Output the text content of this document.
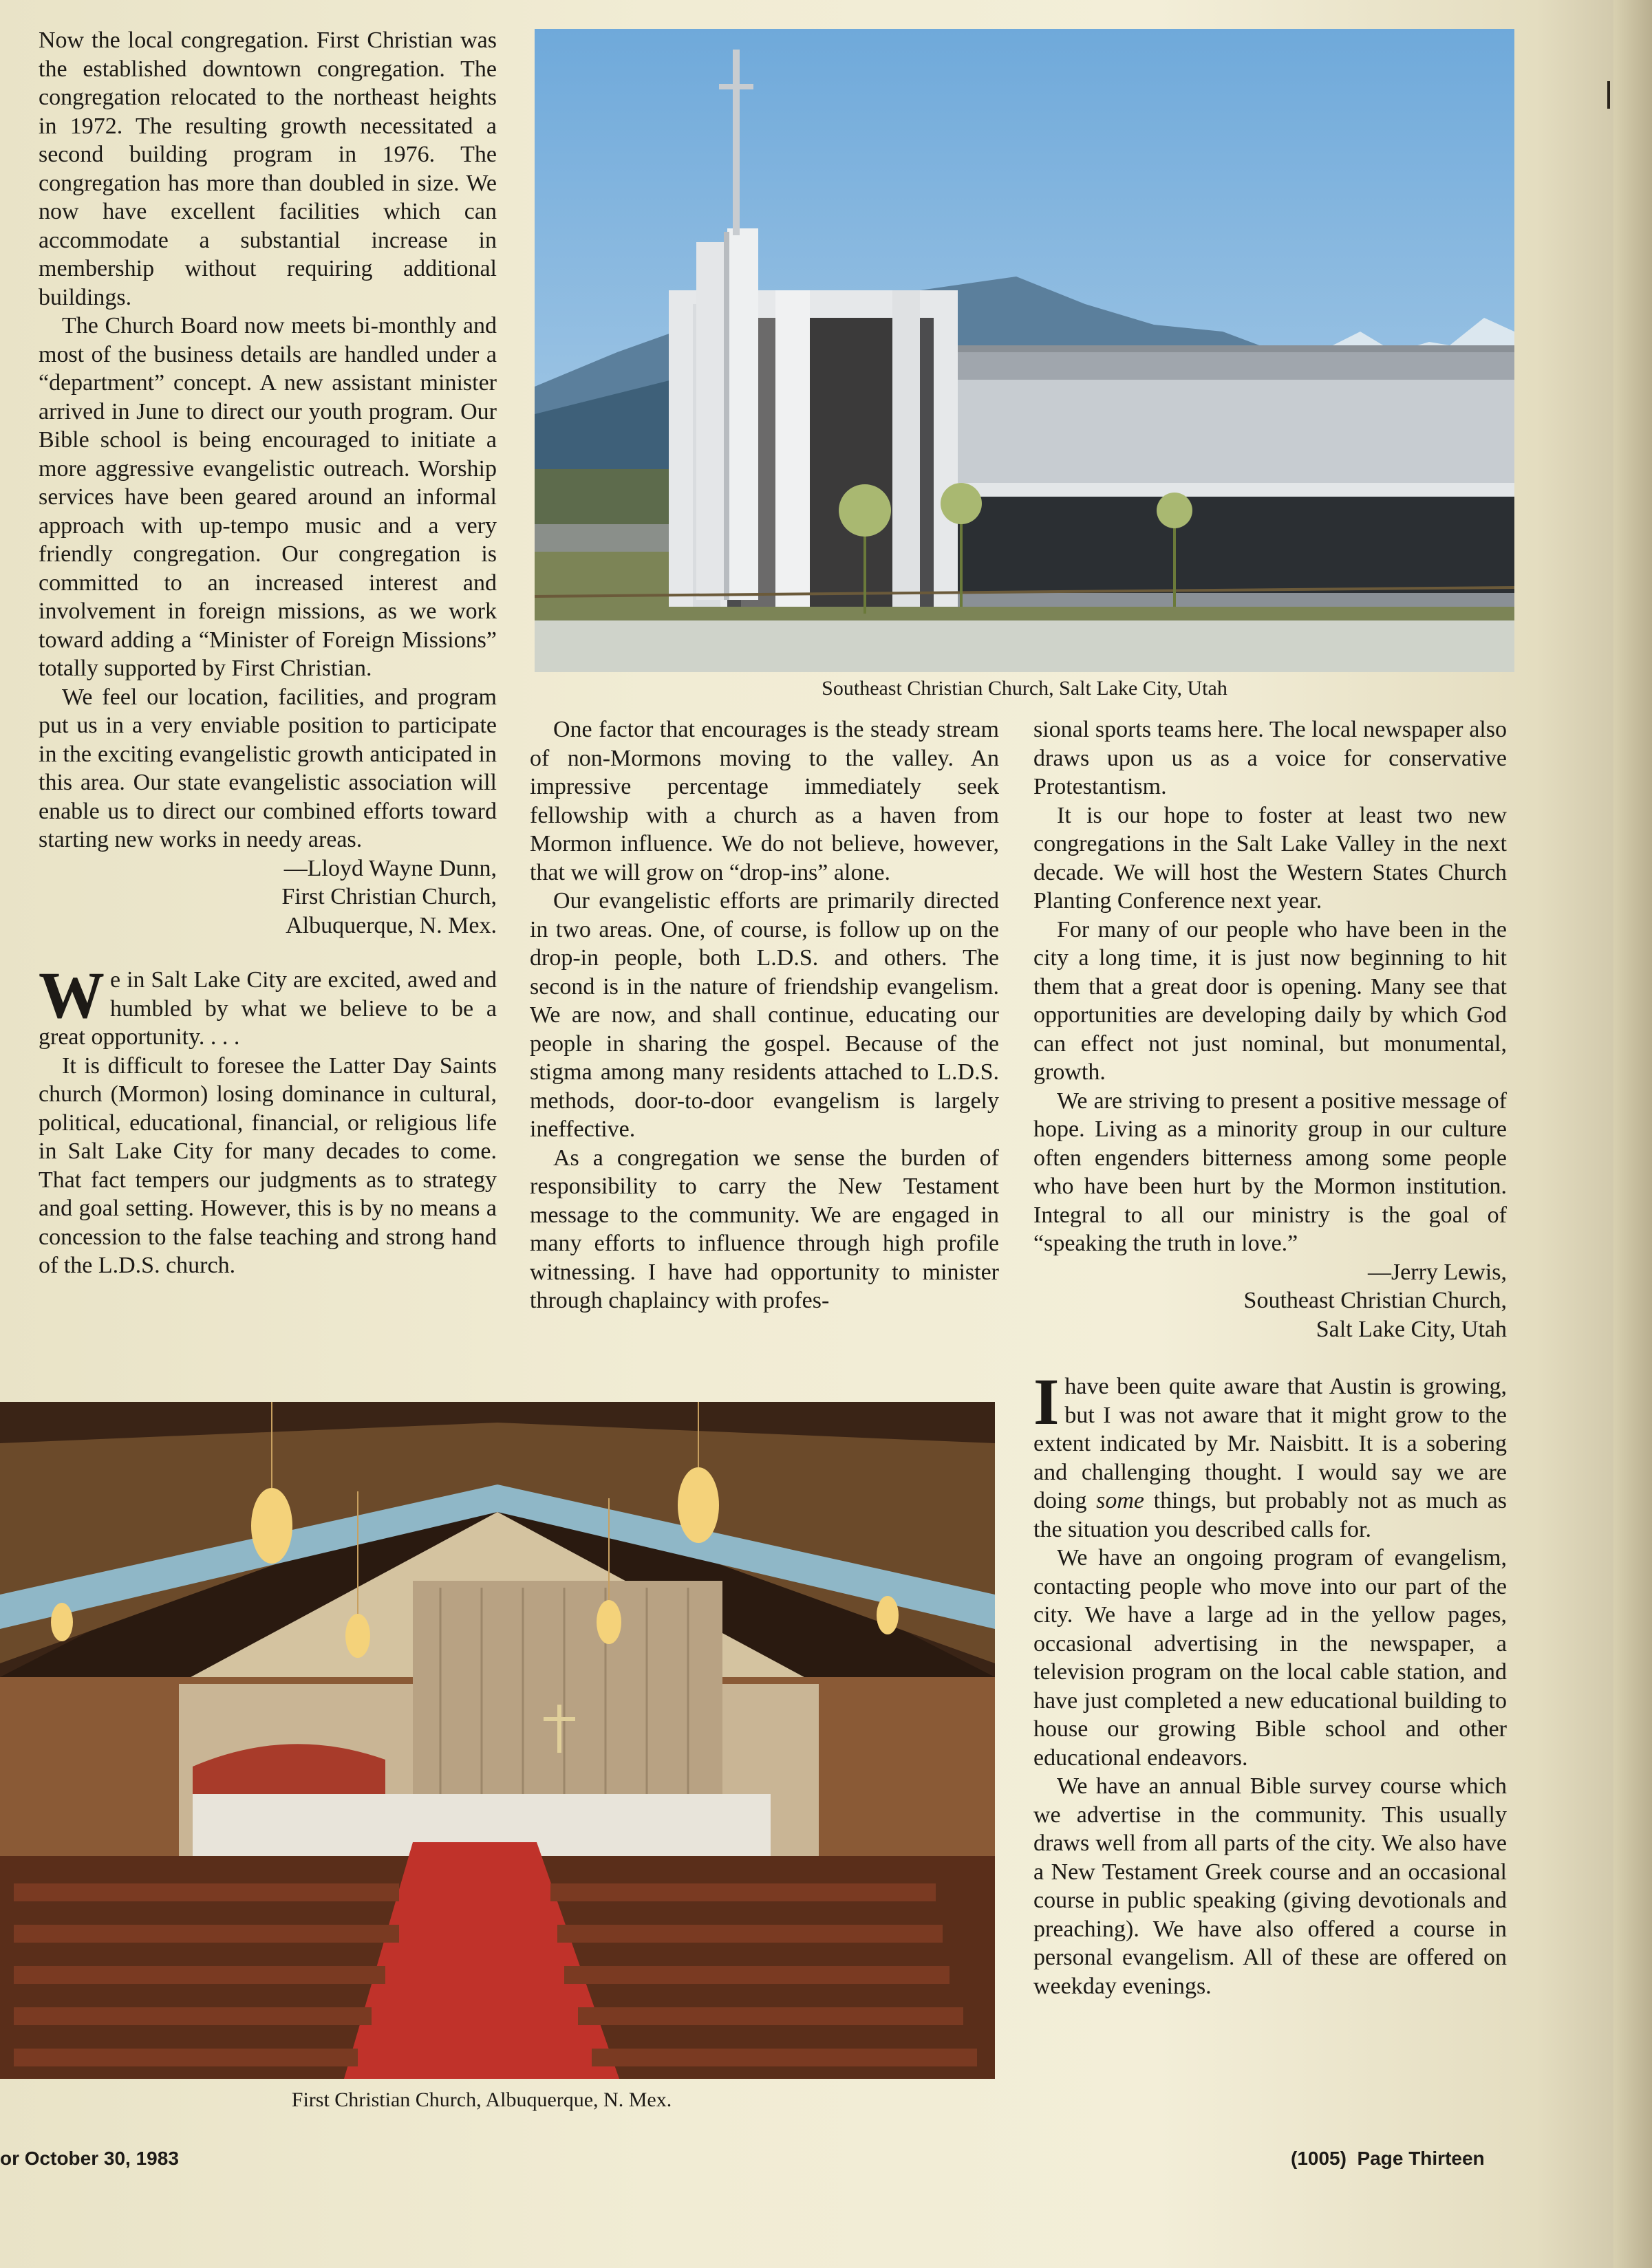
Now the local congregation. First Christian was the established downtown congregation. The congregation relocated to the northeast heights in 1972. The resulting growth necessitated a second building program in 1976. The congregation has more than doubled in size. We now have excellent facilities which can accommodate a substantial increase in membership without requiring additional buildings.

The Church Board now meets bi-monthly and most of the business details are handled under a “department” concept. A new assistant minister arrived in June to direct our youth program. Our Bible school is being encouraged to initiate a more aggressive evangelistic outreach. Worship services have been geared around an informal approach with up-tempo music and a very friendly congregation. Our congregation is committed to an increased interest and involvement in foreign missions, as we work toward adding a “Minister of Foreign Missions” totally supported by First Christian.

We feel our location, facilities, and program put us in a very enviable position to participate in the exciting evangelistic growth anticipated in this area. Our state evangelistic association will enable us to direct our combined efforts toward starting new works in needy areas.

—Lloyd Wayne Dunn,

First Christian Church,

Albuquerque, N. Mex.

We in Salt Lake City are excited, awed and humbled by what we believe to be a great opportunity. . . .

It is difficult to foresee the Latter Day Saints church (Mormon) losing dominance in cultural, political, educational, financial, or religious life in Salt Lake City for many decades to come. That fact tempers our judgments as to strategy and goal setting. However, this is by no means a concession to the false teaching and strong hand of the L.D.S. church.

Southeast Christian Church, Salt Lake City, Utah

One factor that encourages is the steady stream of non-Mormons moving to the valley. An impressive percentage immediately seek fellowship with a church as a haven from Mormon influence. We do not believe, however, that we will grow on “drop-ins” alone.

Our evangelistic efforts are primarily directed in two areas. One, of course, is follow up on the drop-in people, both L.D.S. and others. The second is in the nature of friendship evangelism. We are now, and shall continue, educating our people in sharing the gospel. Because of the stigma among many residents attached to L.D.S. methods, door-to-door evangelism is largely ineffective.

As a congregation we sense the burden of responsibility to carry the New Testament message to the community. We are engaged in many efforts to influence through high profile witnessing. I have had opportunity to minister through chaplaincy with profes-

sional sports teams here. The local newspaper also draws upon us as a voice for conservative Protestantism.

It is our hope to foster at least two new congregations in the Salt Lake Valley in the next decade. We will host the Western States Church Planting Conference next year.

For many of our people who have been in the city a long time, it is just now beginning to hit them that a great door is opening. Many see that opportunities are developing daily by which God can effect not just nominal, but monumental, growth.

We are striving to present a positive message of hope. Living as a minority group in our culture often engenders bitterness among some people who have been hurt by the Mormon institution. Integral to all our ministry is the goal of “speaking the truth in love.”

—Jerry Lewis,

Southeast Christian Church,

Salt Lake City, Utah

Ihave been quite aware that Austin is growing, but I was not aware that it might grow to the extent indicated by Mr. Naisbitt. It is a sobering and challenging thought. I would say we are doing some things, but probably not as much as the situation you described calls for.

We have an ongoing program of evangelism, contacting people who move into our part of the city. We have a large ad in the yellow pages, occasional advertising in the newspaper, a television program on the local cable station, and have just completed a new educational building to house our growing Bible school and other educational endeavors.

We have an annual Bible survey course which we advertise in the community. This usually draws well from all parts of the city. We also have a New Testament Greek course and an occasional course in public speaking (giving devotionals and preaching). We have also offered a course in personal evangelism. All of these are offered on weekday evenings.

First Christian Church, Albuquerque, N. Mex.
or October 30, 1983	(1005)  Page Thirteen
